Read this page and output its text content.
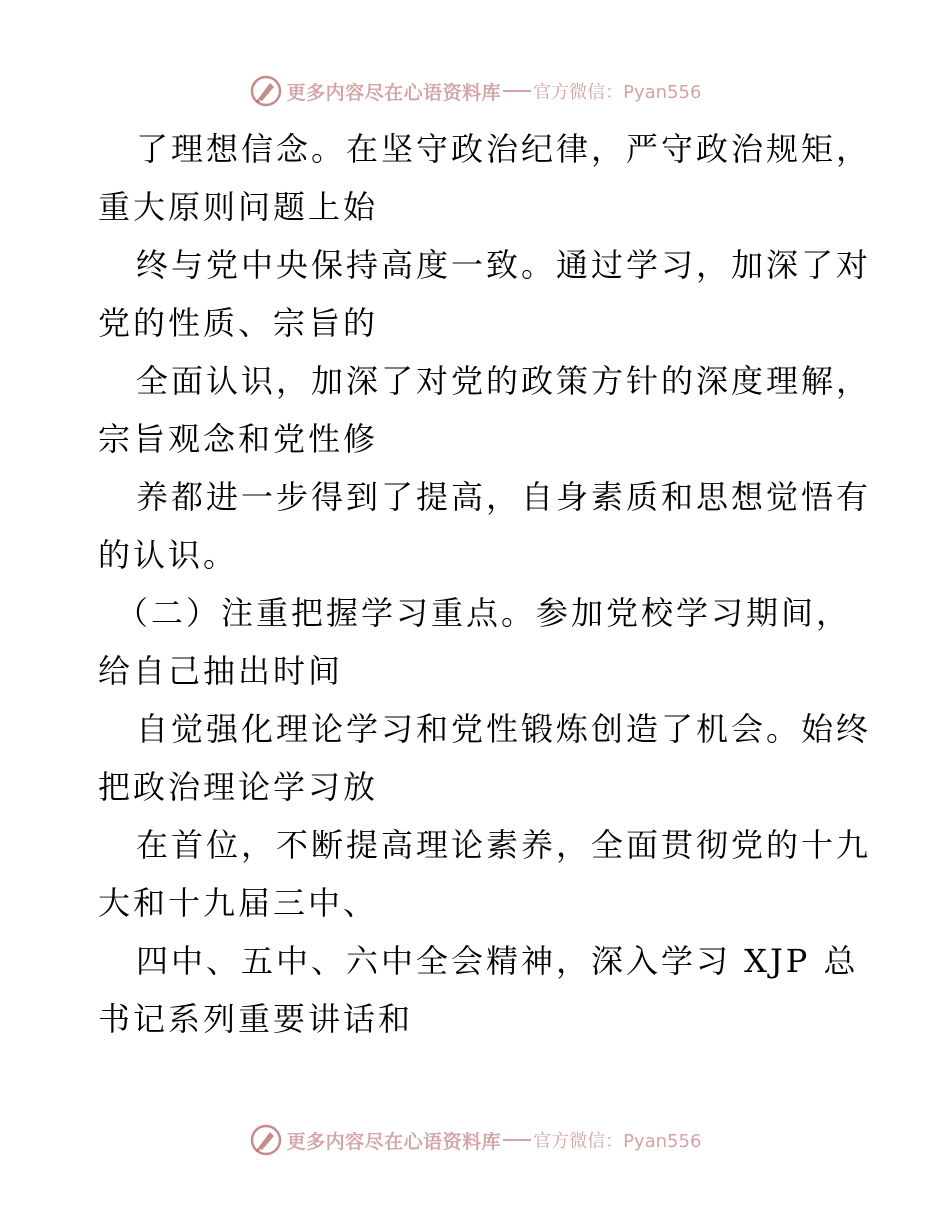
更多内容尽在心语资料库 官方微信：Pyan556
了理想信念。在坚守政治纪律，严守政治规矩，
重大原则问题上始
终与党中央保持高度一致。通过学习，加深了对
党的性质、宗旨的
全面认识，加深了对党的政策方针的深度理解，
宗旨观念和党性修
养都进一步得到了提高，自身素质和思想觉悟有
的认识。
（二）注重把握学习重点。参加党校学习期间，
给自己抽出时间
自觉强化理论学习和党性锻炼创造了机会。始终
把政治理论学习放
在首位，不断提高理论素养，全面贯彻党的十九
大和十九届三中、
四中、五中、六中全会精神，深入学习 XJP 总
书记系列重要讲话和
更多内容尽在心语资料库 官方微信：Pyan556
